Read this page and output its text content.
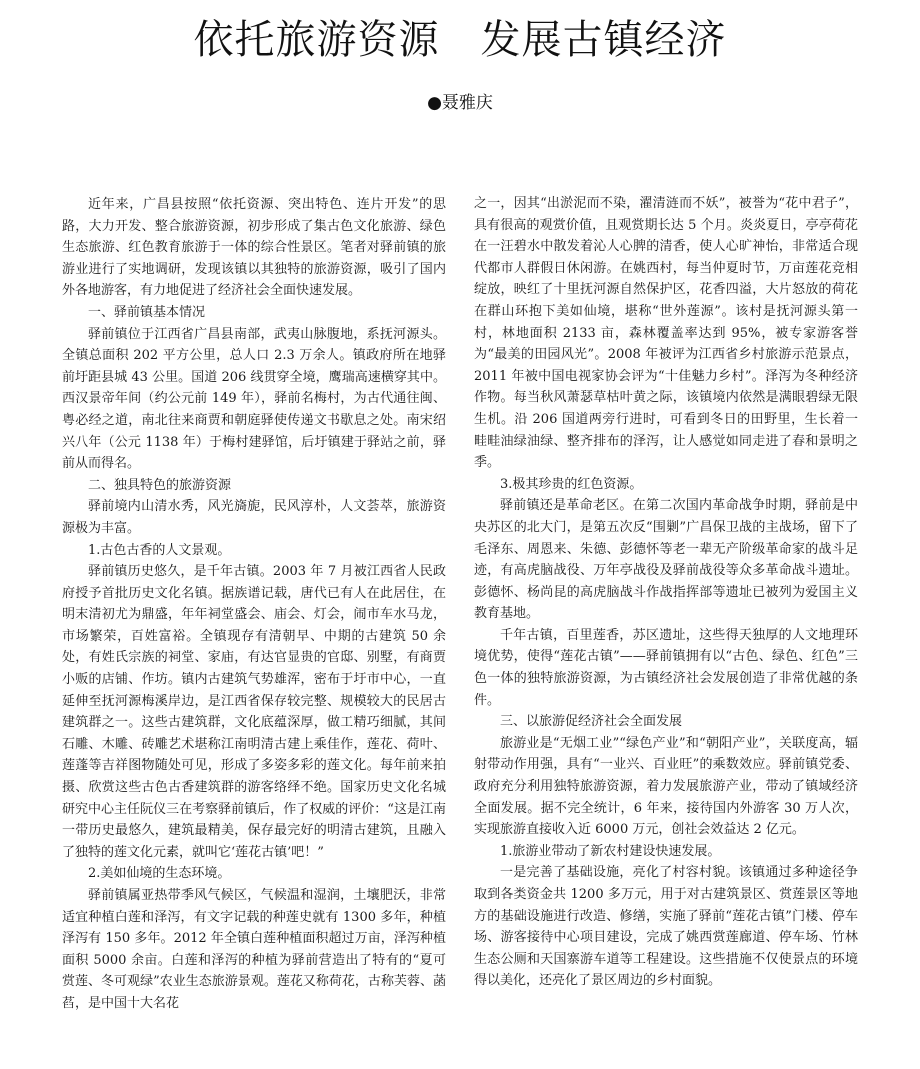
依托旅游资源　发展古镇经济
●聂雅庆

近年来，广昌县按照“依托资源、突出特色、连片开发”的思路，大力开发、整合旅游资源，初步形成了集古色文化旅游、绿色生态旅游、红色教育旅游于一体的综合性景区。笔者对驿前镇的旅游业进行了实地调研，发现该镇以其独特的旅游资源，吸引了国内外各地游客，有力地促进了经济社会全面快速发展。

一、驿前镇基本情况

驿前镇位于江西省广昌县南部，武夷山脉腹地，系抚河源头。全镇总面积 202 平方公里，总人口 2.3 万余人。镇政府所在地驿前圩距县城 43 公里。国道 206 线贯穿全境，鹰瑞高速横穿其中。西汉景帝年间（约公元前 149 年），驿前名梅村，为古代通往闽、粤必经之道，南北往来商贾和朝庭驿使传递文书歇息之处。南宋绍兴八年（公元 1138 年）于梅村建驿馆，后圩镇建于驿站之前，驿前从而得名。

二、独具特色的旅游资源

驿前境内山清水秀，风光旖旎，民风淳朴，人文荟萃，旅游资源极为丰富。

1.古色古香的人文景观。

驿前镇历史悠久，是千年古镇。2003 年 7 月被江西省人民政府授予首批历史文化名镇。据族谱记载，唐代已有人在此居住，在明末清初尤为鼎盛，年年祠堂盛会、庙会、灯会，闹市车水马龙，市场繁荣，百姓富裕。全镇现存有清朝早、中期的古建筑 50 余处，有姓氏宗族的祠堂、家庙，有达官显贵的官邸、别墅，有商贾小贩的店铺、作坊。镇内古建筑气势雄浑，密布于圩市中心，一直延伸至抚河源梅溪岸边，是江西省保存较完整、规模较大的民居古建筑群之一。这些古建筑群，文化底蕴深厚，做工精巧细腻，其间石雕、木雕、砖雕艺术堪称江南明清古建上乘佳作，莲花、荷叶、莲蓬等吉祥图物随处可见，形成了多姿多彩的莲文化。每年前来拍摄、欣赏这些古色古香建筑群的游客络绎不绝。国家历史文化名城研究中心主任阮仪三在考察驿前镇后，作了权威的评价：“这是江南一带历史最悠久，建筑最精美，保存最完好的明清古建筑，且融入了独特的莲文化元素，就叫它‘莲花古镇’吧！”

2.美如仙境的生态环境。

驿前镇属亚热带季风气候区，气候温和湿润，土壤肥沃，非常适宜种植白莲和泽泻，有文字记载的种莲史就有 1300 多年，种植泽泻有 150 多年。2012 年全镇白莲种植面积超过万亩，泽泻种植面积 5000 余亩。白莲和泽泻的种植为驿前营造出了特有的“夏可赏莲、冬可观绿”农业生态旅游景观。莲花又称荷花，古称芙蓉、菡萏，是中国十大名花

之一，因其“出淤泥而不染，濯清涟而不妖”，被誉为“花中君子”，具有很高的观赏价值，且观赏期长达 5 个月。炎炎夏日，亭亭荷花在一汪碧水中散发着沁人心脾的清香，使人心旷神怡，非常适合现代都市人群假日休闲游。在姚西村，每当仲夏时节，万亩莲花竞相绽放，映红了十里抚河源自然保护区，花香四溢，大片怒放的荷花在群山环抱下美如仙境，堪称“世外莲源”。该村是抚河源头第一村，林地面积 2133 亩，森林覆盖率达到 95%，被专家游客誉为“最美的田园风光”。2008 年被评为江西省乡村旅游示范景点，2011 年被中国电视家协会评为“十佳魅力乡村”。泽泻为冬种经济作物。每当秋风萧瑟草枯叶黄之际，该镇境内依然是满眼碧绿无限生机。沿 206 国道两旁行进时，可看到冬日的田野里，生长着一畦畦油绿油绿、整齐排布的泽泻，让人感觉如同走进了春和景明之季。

3.极其珍贵的红色资源。

驿前镇还是革命老区。在第二次国内革命战争时期，驿前是中央苏区的北大门，是第五次反“围剿”广昌保卫战的主战场，留下了毛泽东、周恩来、朱德、彭德怀等老一辈无产阶级革命家的战斗足迹，有高虎脑战役、万年亭战役及驿前战役等众多革命战斗遗址。彭德怀、杨尚昆的高虎脑战斗作战指挥部等遗址已被列为爱国主义教育基地。

千年古镇，百里莲香，苏区遗址，这些得天独厚的人文地理环境优势，使得“莲花古镇”——驿前镇拥有以“古色、绿色、红色”三色一体的独特旅游资源，为古镇经济社会发展创造了非常优越的条件。

三、以旅游促经济社会全面发展

旅游业是“无烟工业”“绿色产业”和“朝阳产业”，关联度高，辐射带动作用强，具有“一业兴、百业旺”的乘数效应。驿前镇党委、政府充分利用独特旅游资源，着力发展旅游产业，带动了镇域经济全面发展。据不完全统计，6 年来，接待国内外游客 30 万人次，实现旅游直接收入近 6000 万元，创社会效益达 2 亿元。

1.旅游业带动了新农村建设快速发展。

一是完善了基础设施，亮化了村容村貌。该镇通过多种途径争取到各类资金共 1200 多万元，用于对古建筑景区、赏莲景区等地方的基础设施进行改造、修缮，实施了驿前“莲花古镇”门楼、停车场、游客接待中心项目建设，完成了姚西赏莲廊道、停车场、竹林生态公厕和天国寨游车道等工程建设。这些措施不仅使景点的环境得以美化，还亮化了景区周边的乡村面貌。
